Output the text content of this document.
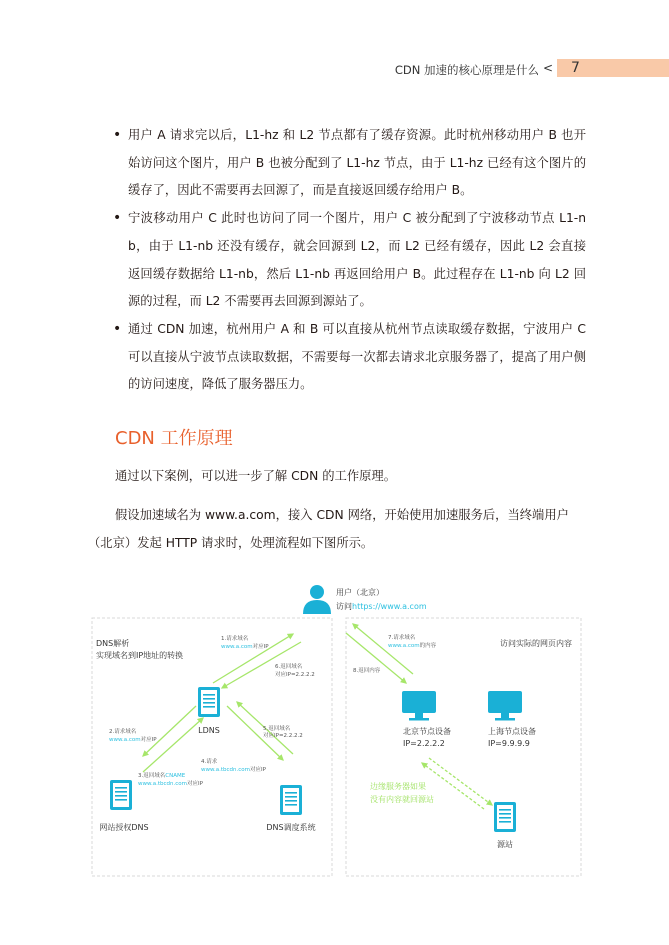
CDN 加速的核心原理是什么 < 7
• 用户 A 请求完以后，L1-hz 和 L2 节点都有了缓存资源。此时杭州移动用户 B 也开始访问这个图片，用户 B 也被分配到了 L1-hz 节点，由于 L1-hz 已经有这个图片的缓存了，因此不需要再去回源了，而是直接返回缓存给用户 B。
• 宁波移动用户 C 此时也访问了同一个图片，用户 C 被分配到了宁波移动节点 L1-nb，由于 L1-nb 还没有缓存，就会回源到 L2，而 L2 已经有缓存，因此 L2 会直接返回缓存数据给 L1-nb，然后 L1-nb 再返回给用户 B。此过程存在 L1-nb 向 L2 回源的过程，而 L2 不需要再去回源到源站了。
• 通过 CDN 加速，杭州用户 A 和 B 可以直接从杭州节点读取缓存数据，宁波用户 C 可以直接从宁波节点读取数据，不需要每一次都去请求北京服务器了，提高了用户侧的访问速度，降低了服务器压力。
CDN 工作原理
通过以下案例，可以进一步了解 CDN 的工作原理。
假设加速域名为 www.a.com，接入 CDN 网络，开始使用加速服务后，当终端用户（北京）发起 HTTP 请求时，处理流程如下图所示。
用户（北京）
访问https://www.a.com
DNS解析
实现域名到IP地址的转换
访问实际的网页内容
LDNS
网站授权DNS	DNS调度系统
北京节点设备
IP=2.2.2.2
上海节点设备
IP=9.9.9.9
源站
1.请求域名
www.a.com对应IP
6.返回域名
对应IP=2.2.2.2
2.请求域名
www.a.com对应IP
5.返回域名
对应IP=2.2.2.2
4.请求
www.a.tbcdn.com对应IP
3.返回域名CNAME
www.a.tbcdn.com对应IP
7.请求域名
www.a.com的内容
8.返回内容
边缘服务器如果
没有内容就回源站
